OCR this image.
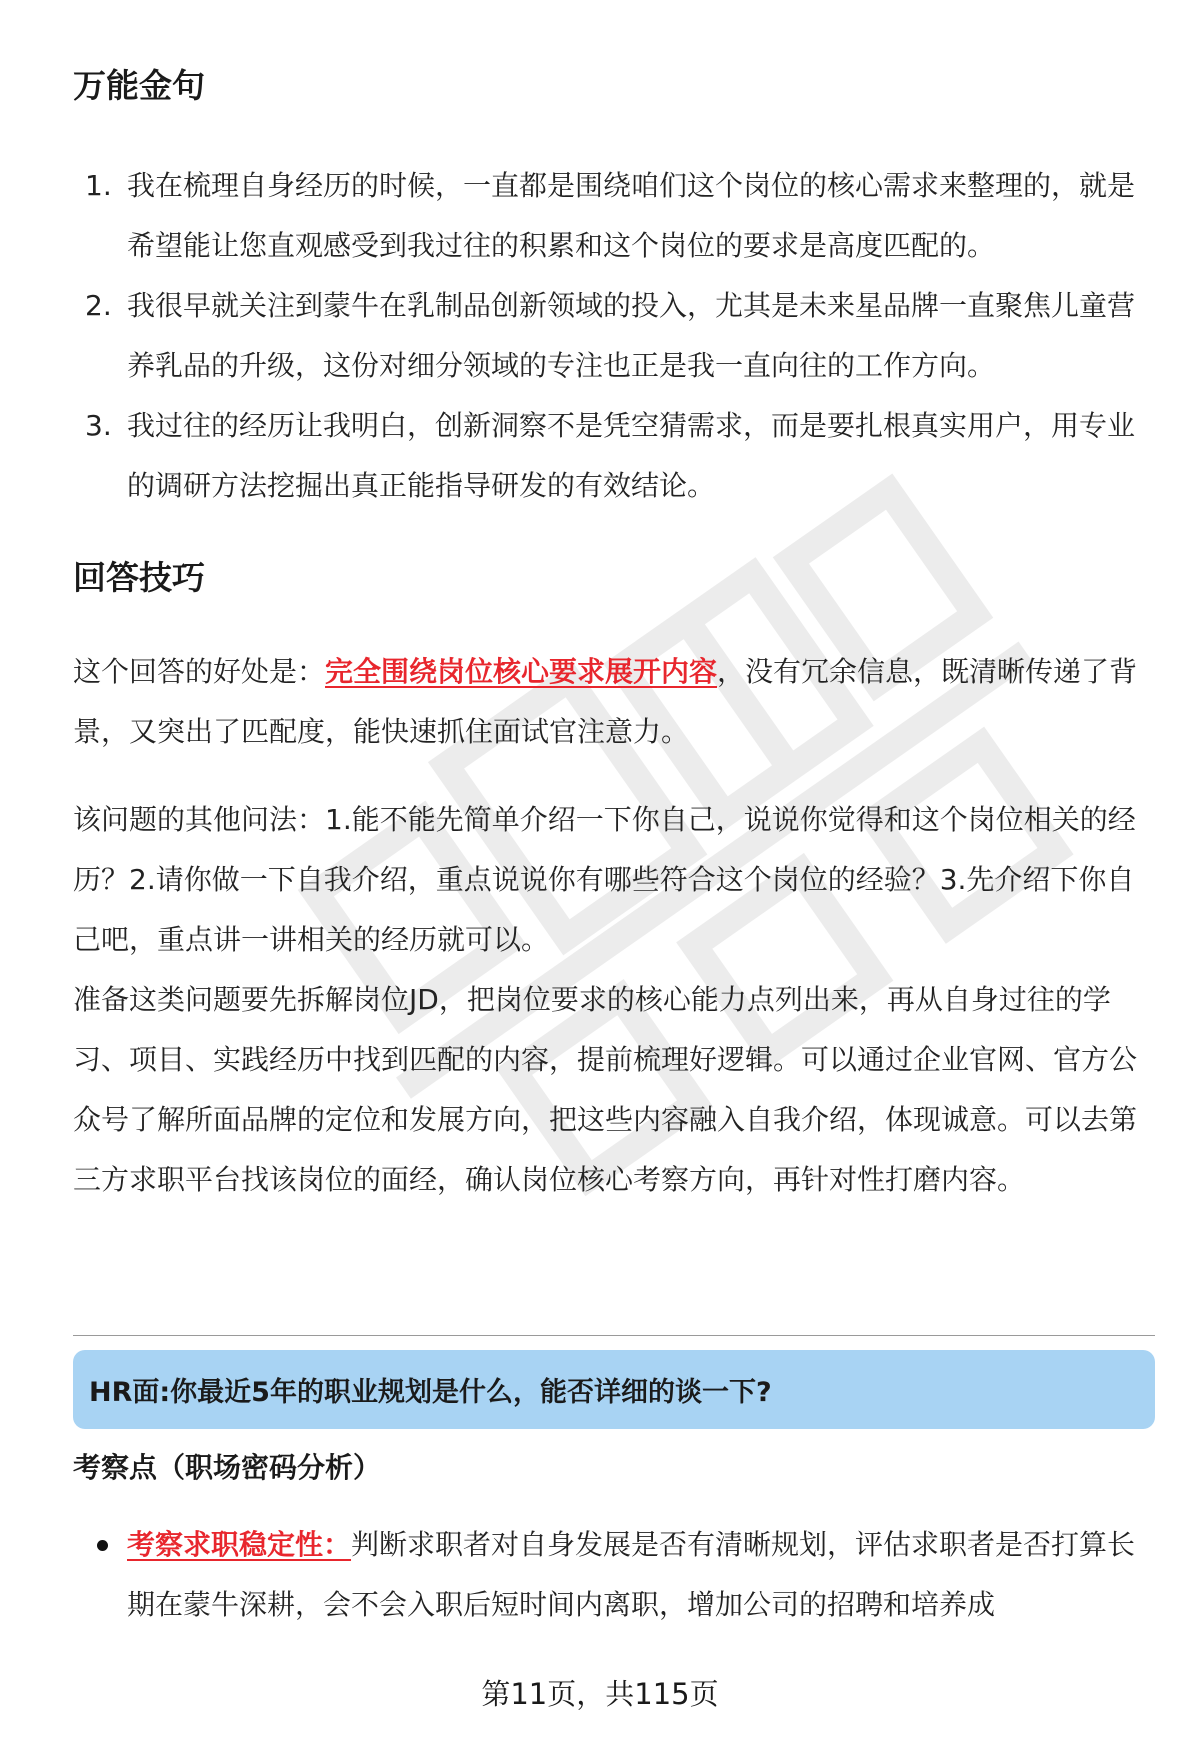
万能金句
1. 我在梳理自身经历的时候，一直都是围绕咱们这个岗位的核心需求来整理的，就是希望能让您直观感受到我过往的积累和这个岗位的要求是高度匹配的。
2. 我很早就关注到蒙牛在乳制品创新领域的投入，尤其是未来星品牌一直聚焦儿童营养乳品的升级，这份对细分领域的专注也正是我一直向往的工作方向。
3. 我过往的经历让我明白，创新洞察不是凭空猜需求，而是要扎根真实用户，用专业的调研方法挖掘出真正能指导研发的有效结论。
回答技巧

这个回答的好处是：完全围绕岗位核心要求展开内容，没有冗余信息，既清晰传递了背景，又突出了匹配度，能快速抓住面试官注意力。

该问题的其他问法：1.能不能先简单介绍一下你自己，说说你觉得和这个岗位相关的经历？2.请你做一下自我介绍，重点说说你有哪些符合这个岗位的经验？3.先介绍下你自己吧，重点讲一讲相关的经历就可以。

准备这类问题要先拆解岗位JD，把岗位要求的核心能力点列出来，再从自身过往的学习、项目、实践经历中找到匹配的内容，提前梳理好逻辑。可以通过企业官网、官方公众号了解所面品牌的定位和发展方向，把这些内容融入自我介绍，体现诚意。可以去第三方求职平台找该岗位的面经，确认岗位核心考察方向，再针对性打磨内容。

HR面:你最近5年的职业规划是什么，能否详细的谈一下?
考察点（职场密码分析）
考察求职稳定性：判断求职者对自身发展是否有清晰规划，评估求职者是否打算长期在蒙牛深耕，会不会入职后短时间内离职，增加公司的招聘和培养成
第11页，共115页
